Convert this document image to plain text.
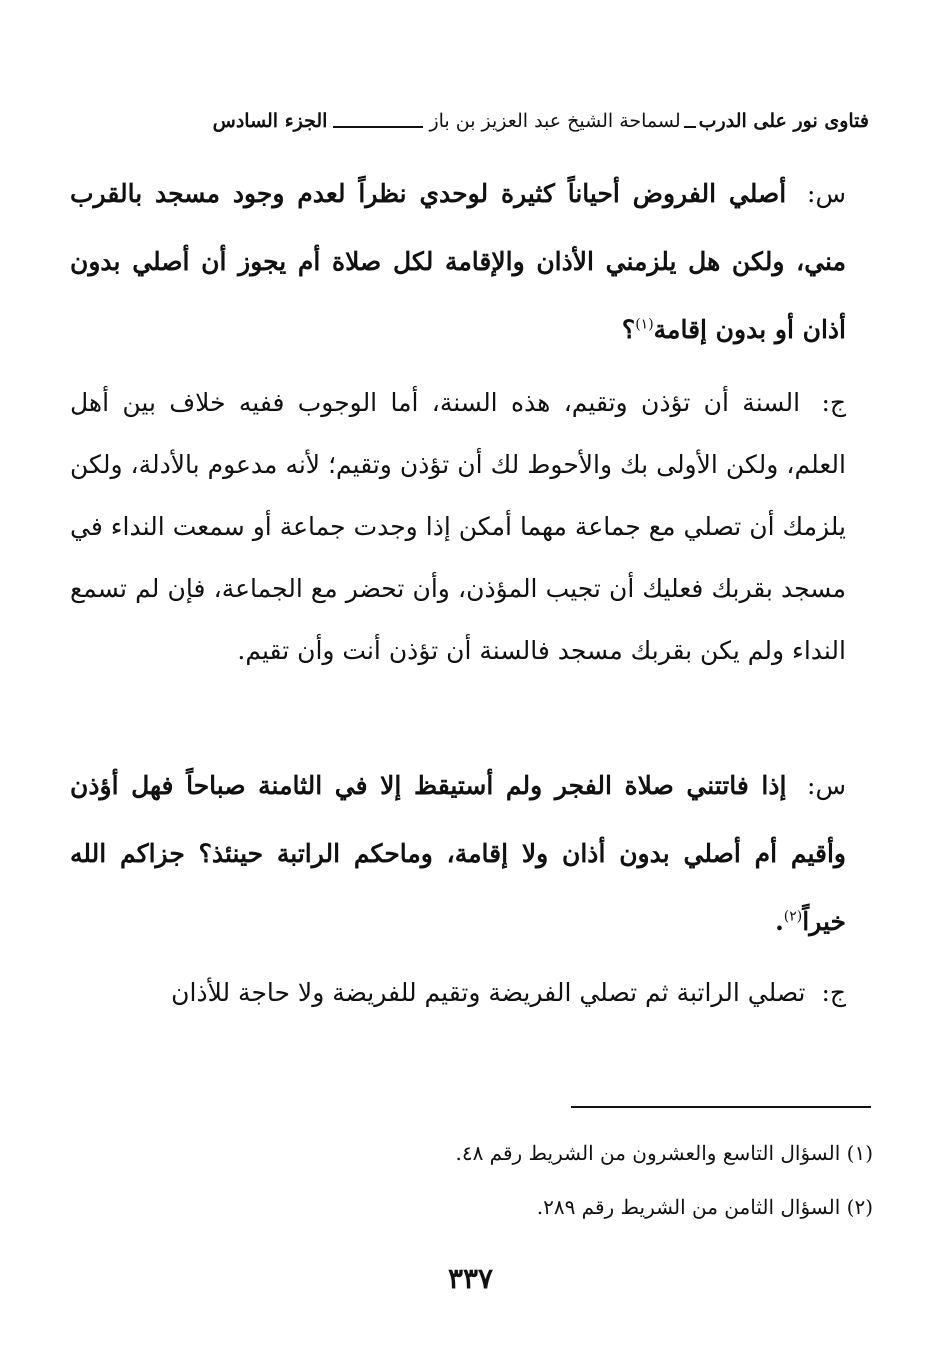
فتاوى نور على الدرب
لسماحة الشيخ عبد العزيز بن باز
الجزء السادس
س: أصلي الفروض أحياناً كثيرة لوحدي نظراً لعدم وجود مسجد بالقرب مني، ولكن هل يلزمني الأذان والإقامة لكل صلاة أم يجوز أن أصلي بدون أذان أو بدون إقامة$^{(١)}$؟
ج: السنة أن تؤذن وتقيم، هذه السنة، أما الوجوب ففيه خلاف بين أهل العلم، ولكن الأولى بك والأحوط لك أن تؤذن وتقيم؛ لأنه مدعوم بالأدلة، ولكن يلزمك أن تصلي مع جماعة مهما أمكن إذا وجدت جماعة أو سمعت النداء في مسجد بقربك فعليك أن تجيب المؤذن، وأن تحضر مع الجماعة، فإن لم تسمع النداء ولم يكن بقربك مسجد فالسنة أن تؤذن أنت وأن تقيم.
س: إذا فاتتني صلاة الفجر ولم أستيقظ إلا في الثامنة صباحاً فهل أؤذن وأقيم أم أصلي بدون أذان ولا إقامة، وماحكم الراتبة حينئذ؟ جزاكم الله خيراً$^{(٢)}$.
ج: تصلي الراتبة ثم تصلي الفريضة وتقيم للفريضة ولا حاجة للأذان
(١) السؤال التاسع والعشرون من الشريط رقم ٤٨.
(٢) السؤال الثامن من الشريط رقم ٢٨٩.
٣٣٧
